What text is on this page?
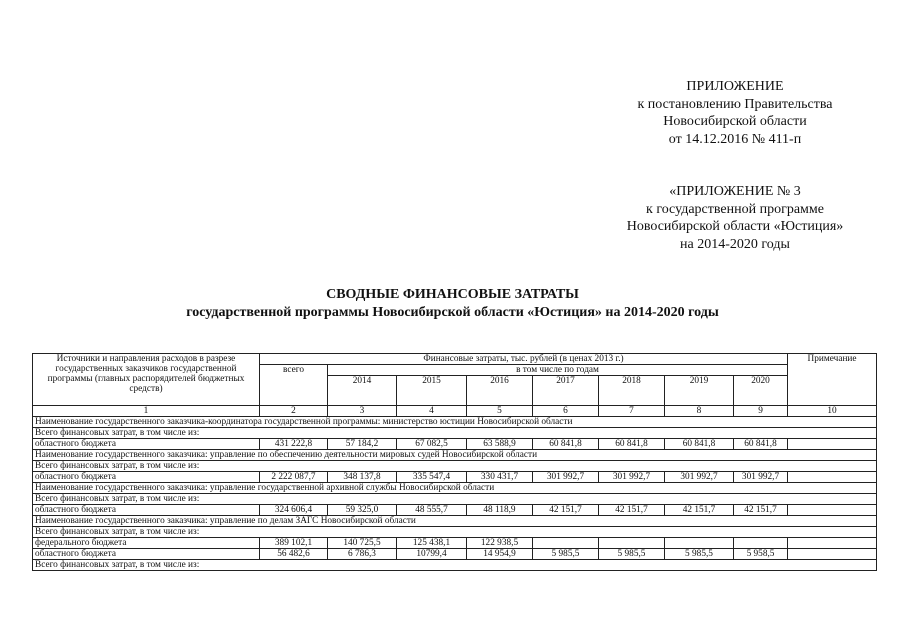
ПРИЛОЖЕНИЕ
к постановлению Правительства
Новосибирской области
от 14.12.2016 № 411-п
«ПРИЛОЖЕНИЕ № 3
к государственной программе
Новосибирской области «Юстиция»
на 2014-2020 годы
СВОДНЫЕ ФИНАНСОВЫЕ ЗАТРАТЫ
государственной программы Новосибирской области «Юстиция» на 2014-2020 годы
Источники и направления расходов в разрезе государственных заказчиков государственной программы (главных распорядителей бюджетных средств)	Финансовые затраты, тыс. рублей (в ценах 2013 г.)								Примечание
	всего	в том числе по годам							
		2014	2015	2016	2017	2018	2019	2020	
1	2	3	4	5	6	7	8	9	10
Наименование государственного заказчика-координатора государственной программы: министерство юстиции Новосибирской области									
Всего финансовых затрат, в том числе из:									
областного бюджета	431 222,8	57 184,2	67 082,5	63 588,9	60 841,8	60 841,8	60 841,8	60 841,8	
Наименование государственного заказчика: управление по обеспечению деятельности мировых судей Новосибирской области									
Всего финансовых затрат, в том числе из:									
областного бюджета	2 222 087,7	348 137,8	335 547,4	330 431,7	301 992,7	301 992,7	301 992,7	301 992,7	
Наименование государственного заказчика: управление государственной архивной службы Новосибирской области									
Всего финансовых затрат, в том числе из:									
областного бюджета	324 606,4	59 325,0	48 555,7	48 118,9	42 151,7	42 151,7	42 151,7	42 151,7	
Наименование государственного заказчика: управление по делам ЗАГС Новосибирской области									
Всего финансовых затрат, в том числе из:									
федерального бюджета	389 102,1	140 725,5	125 438,1	122 938,5					
областного бюджета	56 482,6	6 786,3	10799,4	14 954,9	5 985,5	5 985,5	5 985,5	5 958,5	
Всего финансовых затрат, в том числе из:									
